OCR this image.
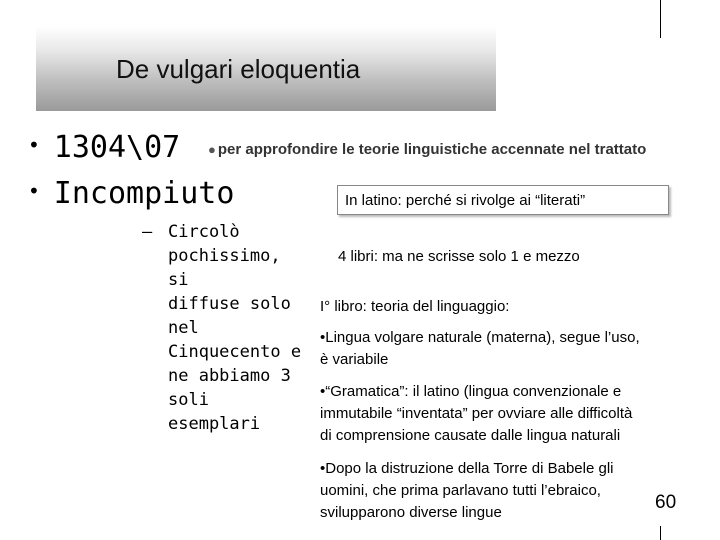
De vulgari eloquentia
• 1304\07
• Incompiuto
– Circolò
pochissimo, si
diffuse solo
nel
Cinquecento e
ne abbiamo 3
soli esemplari
● per approfondire le teorie linguistiche accennate nel trattato
In latino: perché si rivolge ai “literati”
4 libri: ma ne scrisse solo 1 e mezzo
I° libro: teoria del linguaggio:
•Lingua volgare naturale (materna), segue l’uso,
è variabile
•“Gramatica”: il latino (lingua convenzionale e
immutabile “inventata” per ovviare alle difficoltà
di comprensione causate dalle lingua naturali
•Dopo la distruzione della Torre di Babele gli
uomini, che prima parlavano tutti l’ebraico,
svilupparono diverse lingue	60
